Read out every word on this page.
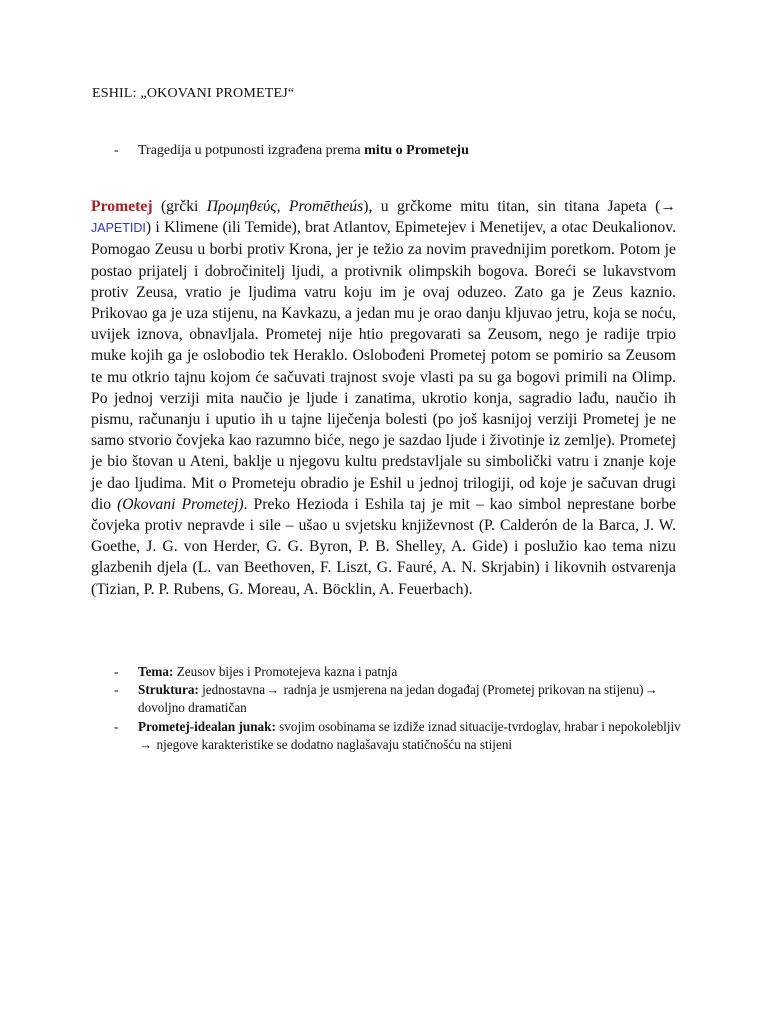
ESHIL: „OKOVANI PROMETEJ“
- Tragedija u potpunosti izgrađena prema mitu o Prometeju
Prometej (grčki Προμηθεύς, Promētheús), u grčkome mitu titan, sin titana Japeta (→ JAPETIDI) i Klimene (ili Temide), brat Atlantov, Epimetejev i Menetijev, a otac Deukalionov. Pomogao Zeusu u borbi protiv Krona, jer je težio za novim pravednijim poretkom. Potom je postao prijatelj i dobročinitelj ljudi, a protivnik olimpskih bogova. Boreći se lukavstvom protiv Zeusa, vratio je ljudima vatru koju im je ovaj oduzeo. Zato ga je Zeus kaznio. Prikovao ga je uza stijenu, na Kavkazu, a jedan mu je orao danju kljuvao jetru, koja se noću, uvijek iznova, obnavljala. Prometej nije htio pregovarati sa Zeusom, nego je radije trpio muke kojih ga je oslobodio tek Heraklo. Oslobođeni Prometej potom se pomirio sa Zeusom te mu otkrio tajnu kojom će sačuvati trajnost svoje vlasti pa su ga bogovi primili na Olimp. Po jednoj verziji mita naučio je ljude i zanatima, ukrotio konja, sagradio lađu, naučio ih pismu, računanju i uputio ih u tajne liječenja bolesti (po još kasnijoj verziji Prometej je ne samo stvorio čovjeka kao razumno biće, nego je sazdao ljude i životinje iz zemlje). Prometej je bio štovan u Ateni, baklje u njegovu kultu predstavljale su simbolički vatru i znanje koje je dao ljudima. Mit o Prometeju obradio je Eshil u jednoj trilogiji, od koje je sačuvan drugi dio (Okovani Prometej). Preko Hezioda i Eshila taj je mit – kao simbol neprestane borbe čovjeka protiv nepravde i sile – ušao u svjetsku književnost (P. Calderón de la Barca, J. W. Goethe, J. G. von Herder, G. G. Byron, P. B. Shelley, A. Gide) i poslužio kao tema nizu glazbenih djela (L. van Beethoven, F. Liszt, G. Fauré, A. N. Skrjabin) i likovnih ostvarenja (Tizian, P. P. Rubens, G. Moreau, A. Böcklin, A. Feuerbach).
- Tema: Zeusov bijes i Promotejeva kazna i patnja
- Struktura: jednostavna→ radnja je usmjerena na jedan događaj (Prometej prikovan na stijenu)→ dovoljno dramatičan
- Prometej-idealan junak: svojim osobinama se izdiže iznad situacije-tvrdoglav, hrabar i nepokolebljiv→ njegove karakteristike se dodatno naglašavaju statičnošću na stijeni
